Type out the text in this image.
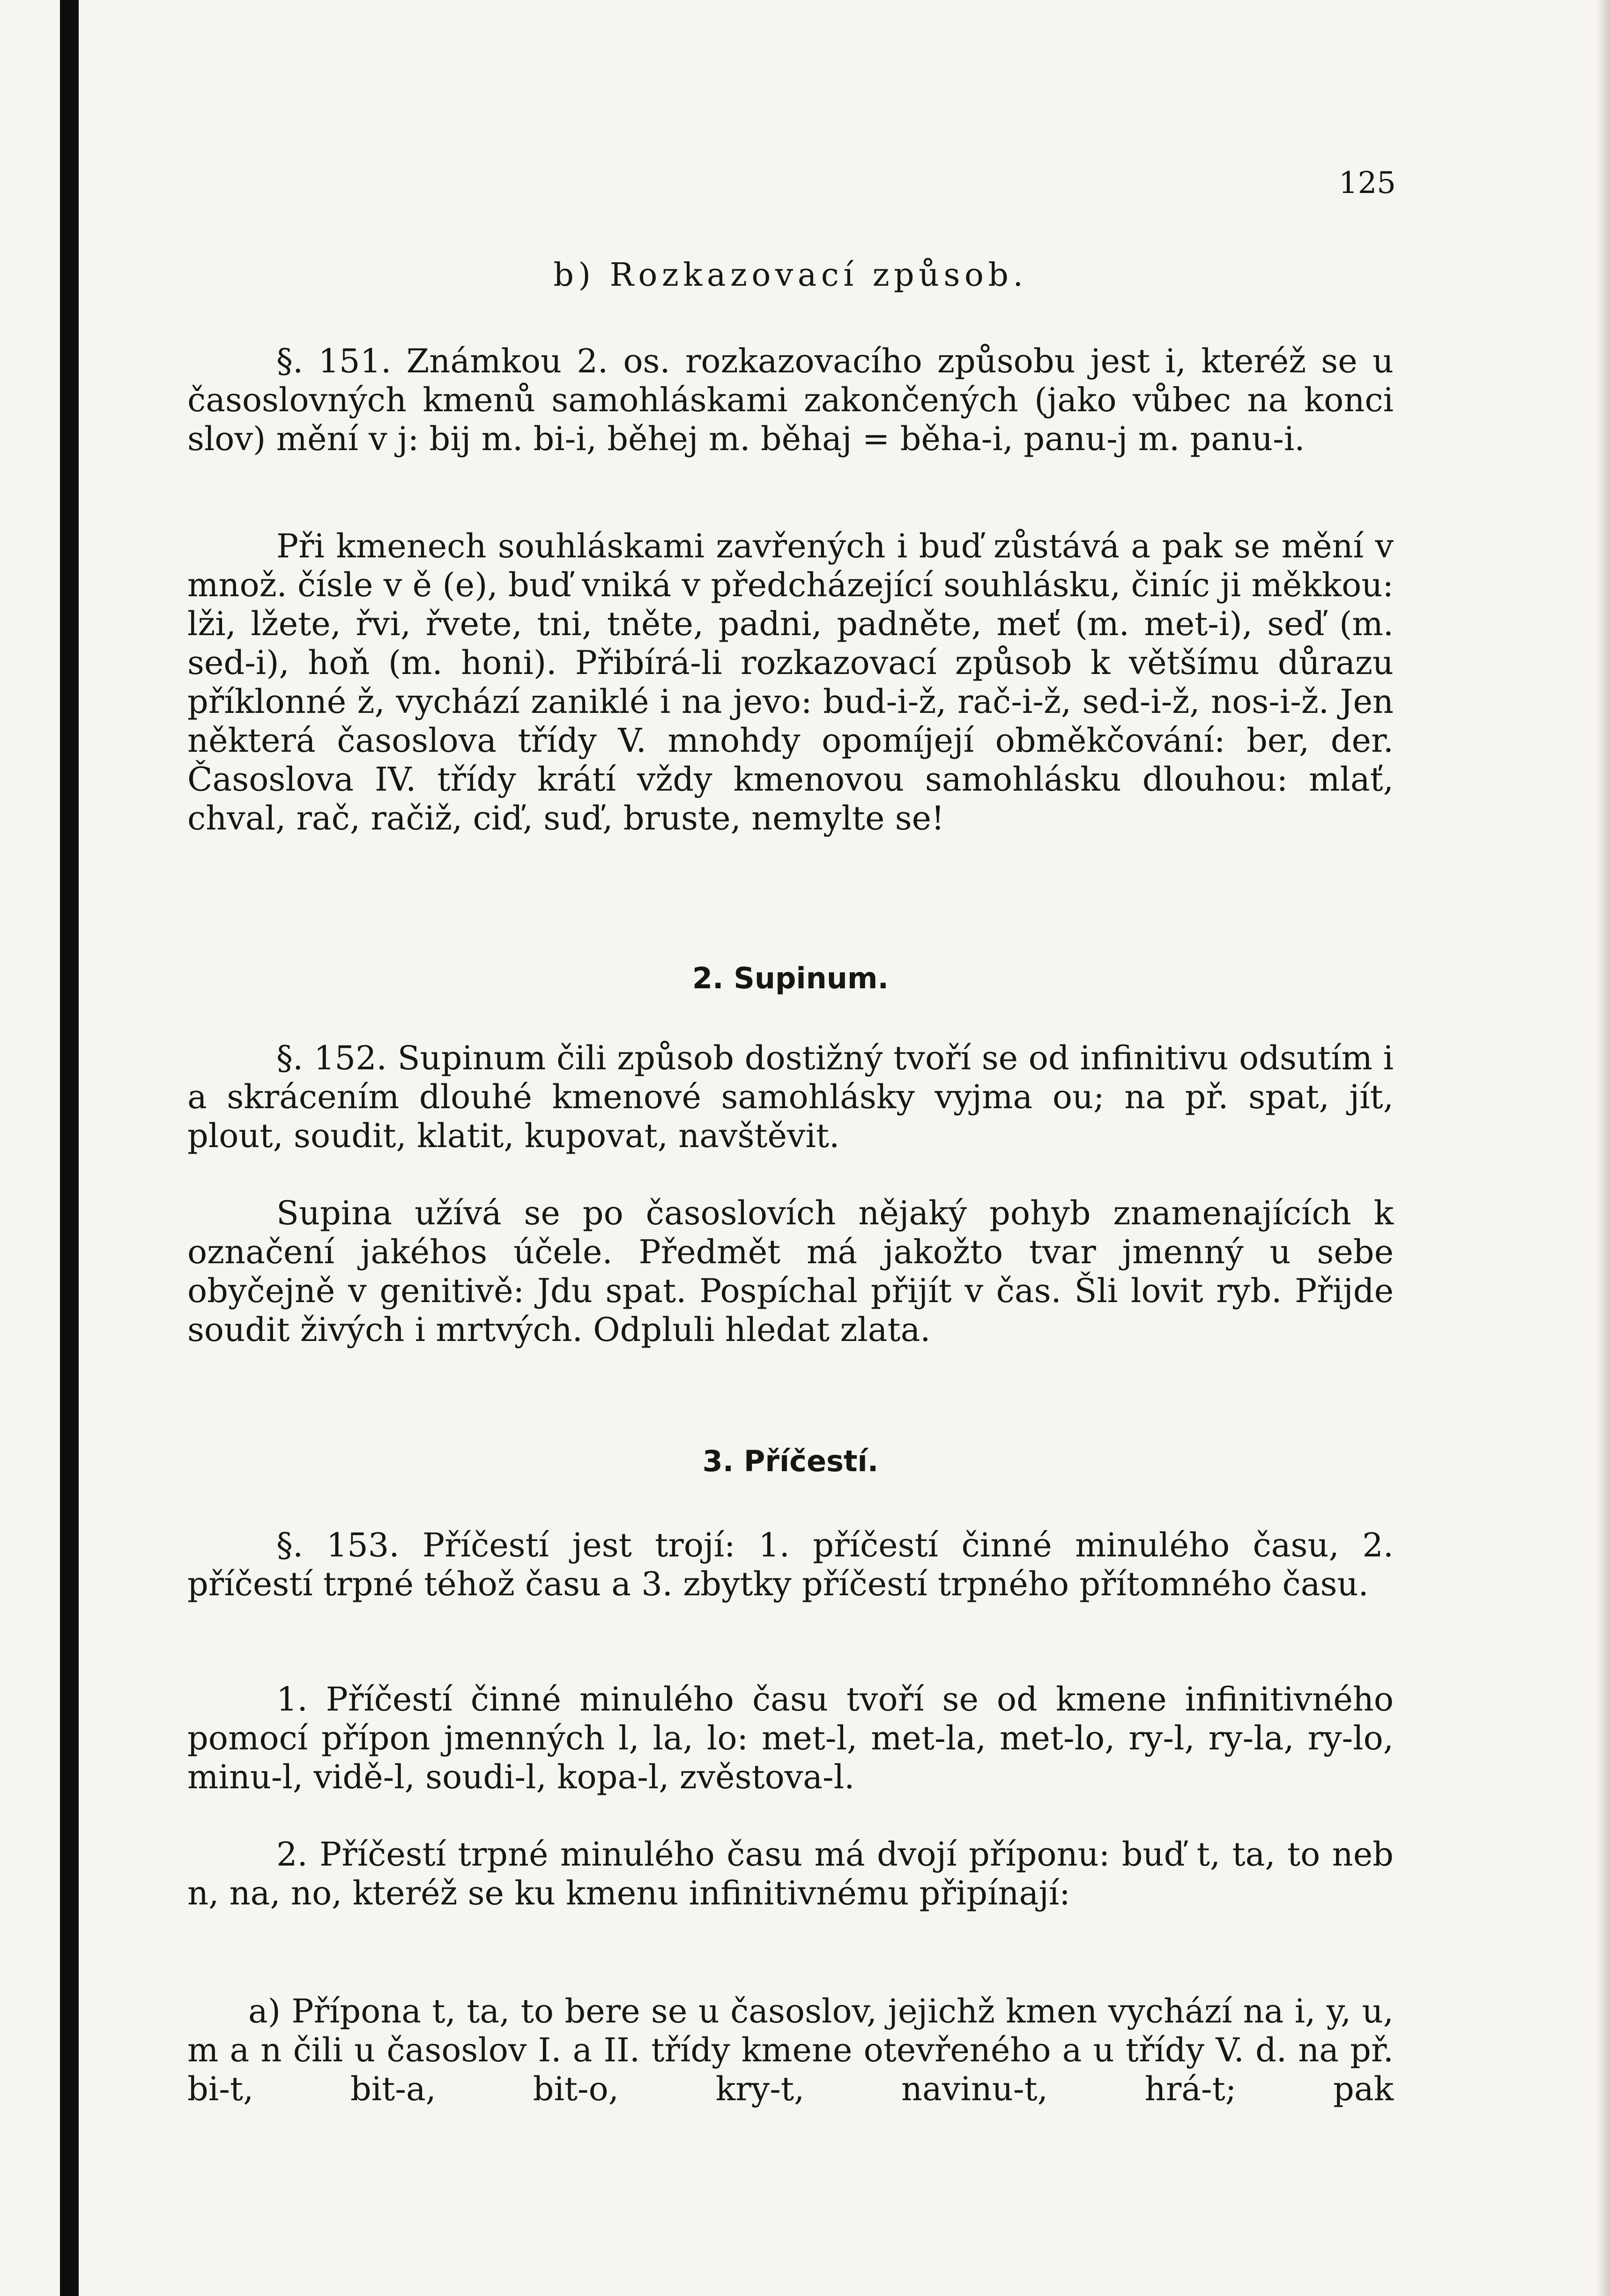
125
b) Rozkazovací způsob.

§. 151. Známkou 2. os. rozkazovacího způsobu jest i, kteréž se u časoslovných kmenů samohláskami zakončených (jako vůbec na konci slov) mění v j: bij m. bi-i, běhej m. běhaj = běha-i, panu-j m. panu-i.

Při kmenech souhláskami zavřených i buď zůstává a pak se mění v množ. čísle v ě (e), buď vniká v předcházející souhlásku, činíc ji měkkou: lži, lžete, řvi, řvete, tni, tněte, padni, padněte, meť (m. met-i), seď (m. sed-i), hoň (m. honi). Přibírá-li rozkazovací způsob k většímu důrazu příklonné ž, vychází zaniklé i na jevo: bud-i-ž, rač-i-ž, sed-i-ž, nos-i-ž. Jen některá časoslova třídy V. mnohdy opomíjejí obměkčování: ber, der. Časoslova IV. třídy krátí vždy kmenovou samohlásku dlouhou: mlať, chval, rač, račiž, ciď, suď, bruste, nemylte se!

2. Supinum.

§. 152. Supinum čili způsob dostižný tvoří se od infinitivu odsutím i a skrácením dlouhé kmenové samohlásky vyjma ou; na př. spat, jít, plout, soudit, klatit, kupovat, navštěvit.

Supina užívá se po časoslovích nějaký pohyb znamenajících k označení jakéhos účele. Předmět má jakožto tvar jmenný u sebe obyčejně v genitivě: Jdu spat. Pospíchal přijít v čas. Šli lovit ryb. Přijde soudit živých i mrtvých. Odpluli hledat zlata.

3. Příčestí.

§. 153. Příčestí jest trojí: 1. příčestí činné minulého času, 2. příčestí trpné téhož času a 3. zbytky příčestí trpného přítomného času.

1. Příčestí činné minulého času tvoří se od kmene infinitivného pomocí přípon jmenných l, la, lo: met-l, met-la, met-lo, ry-l, ry-la, ry-lo, minu-l, vidě-l, soudi-l, kopa-l, zvěstova-l.

2. Příčestí trpné minulého času má dvojí příponu: buď t, ta, to neb n, na, no, kteréž se ku kmenu infinitivnému připínají:

a) Přípona t, ta, to bere se u časoslov, jejichž kmen vychází na i, y, u, m a n čili u časoslov I. a II. třídy kmene otevřeného a u třídy V. d. na př. bi-t, bit-a, bit-o, kry-t, navinu-t, hrá-t; pak
